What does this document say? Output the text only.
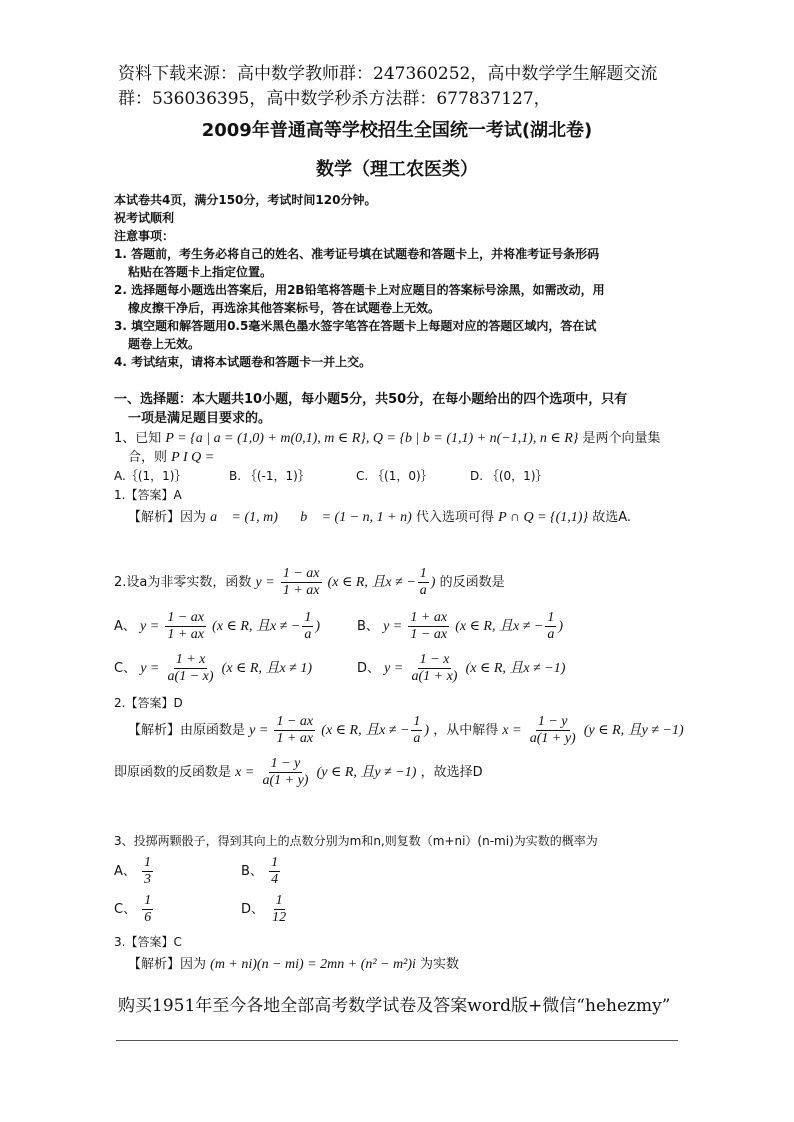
资料下载来源：高中数学教师群：247360252，高中数学学生解题交流群：536036395，高中数学秒杀方法群：677837127，
2009年普通高等学校招生全国统一考试(湖北卷)
数学（理工农医类）
本试卷共4页，满分150分，考试时间120分钟。
祝考试顺利
注意事项：
1. 答题前，考生务必将自己的姓名、准考证号填在试题卷和答题卡上，并将准考证号条形码
粘贴在答题卡上指定位置。
2. 选择题每小题选出答案后，用2B铅笔将答题卡上对应题目的答案标号涂黑，如需改动，用
橡皮擦干净后，再选涂其他答案标号，答在试题卷上无效。
3. 填空题和解答题用0.5毫米黑色墨水签字笔答在答题卡上每题对应的答题区域内，答在试
题卷上无效。
4. 考试结束，请将本试题卷和答题卡一并上交。
一、选择题：本大题共10小题，每小题5分，共50分，在每小题给出的四个选项中，只有
一项是满足题目要求的。
1、已知 P = {a | a = (1,0) + m(0,1), m ∈ R}, Q = {b | b = (1,1) + n(−1,1), n ∈ R} 是两个向量集
合，则 P I Q =
A.｛(1，1)｝	B. ｛(-1，1)｝	C. ｛(1，0)｝	D. ｛(0，1)｝
1.【答案】A
【解析】因为 a⃗ = (1, m) b⃗ = (1 − n, 1 + n) 代入选项可得 P ∩ Q = {(1,1)} 故选A.
2.设a为非零实数，函数 $y = \frac{1 - ax}{1 + ax} (x$ ∈ R, 且x ≠ − $\frac{1}{a}$ ) 的反函数是
A、 $y = \frac{1 - ax}{1 + ax} (x$ ∈ R, 且x ≠ − $\frac{1}{a}$ )	B、 $y = \frac{1 + ax}{1 - ax} (x$ ∈ R, 且x ≠ − $\frac{1}{a}$ )
C、 $y = \frac{1 + x}{a(1 - x)} (x$ ∈ R, 且x ≠ 1)	D、 $y = \frac{1 - x}{a(1 + x)} (x$ ∈ R, 且x ≠ −1)
2.【答案】D
【解析】由原函数是 $y = \frac{1 - ax}{1 + ax} (x$ ∈ R, 且x ≠ − $\frac{1}{a}$ ) ，从中解得 $x = \frac{1 - y}{a(1 + y)} (y$ ∈ R, 且y ≠ −1)
即原函数的反函数是 $x = \frac{1 - y}{a(1 + y)} (y$ ∈ R, 且y ≠ −1) ，故选择D
3、投掷两颗骰子，得到其向上的点数分别为m和n,则复数（m+ni）(n-mi)为实数的概率为
A、 $\frac{1}{3}$	B、 $\frac{1}{4}$
C、 $\frac{1}{6}$	D、 $\frac{1}{12}$
3.【答案】C
【解析】因为 (m + ni)(n − mi) = 2mn + (n² − m²)i 为实数
购买1951年至今各地全部高考数学试卷及答案word版+微信“hehezmy”
